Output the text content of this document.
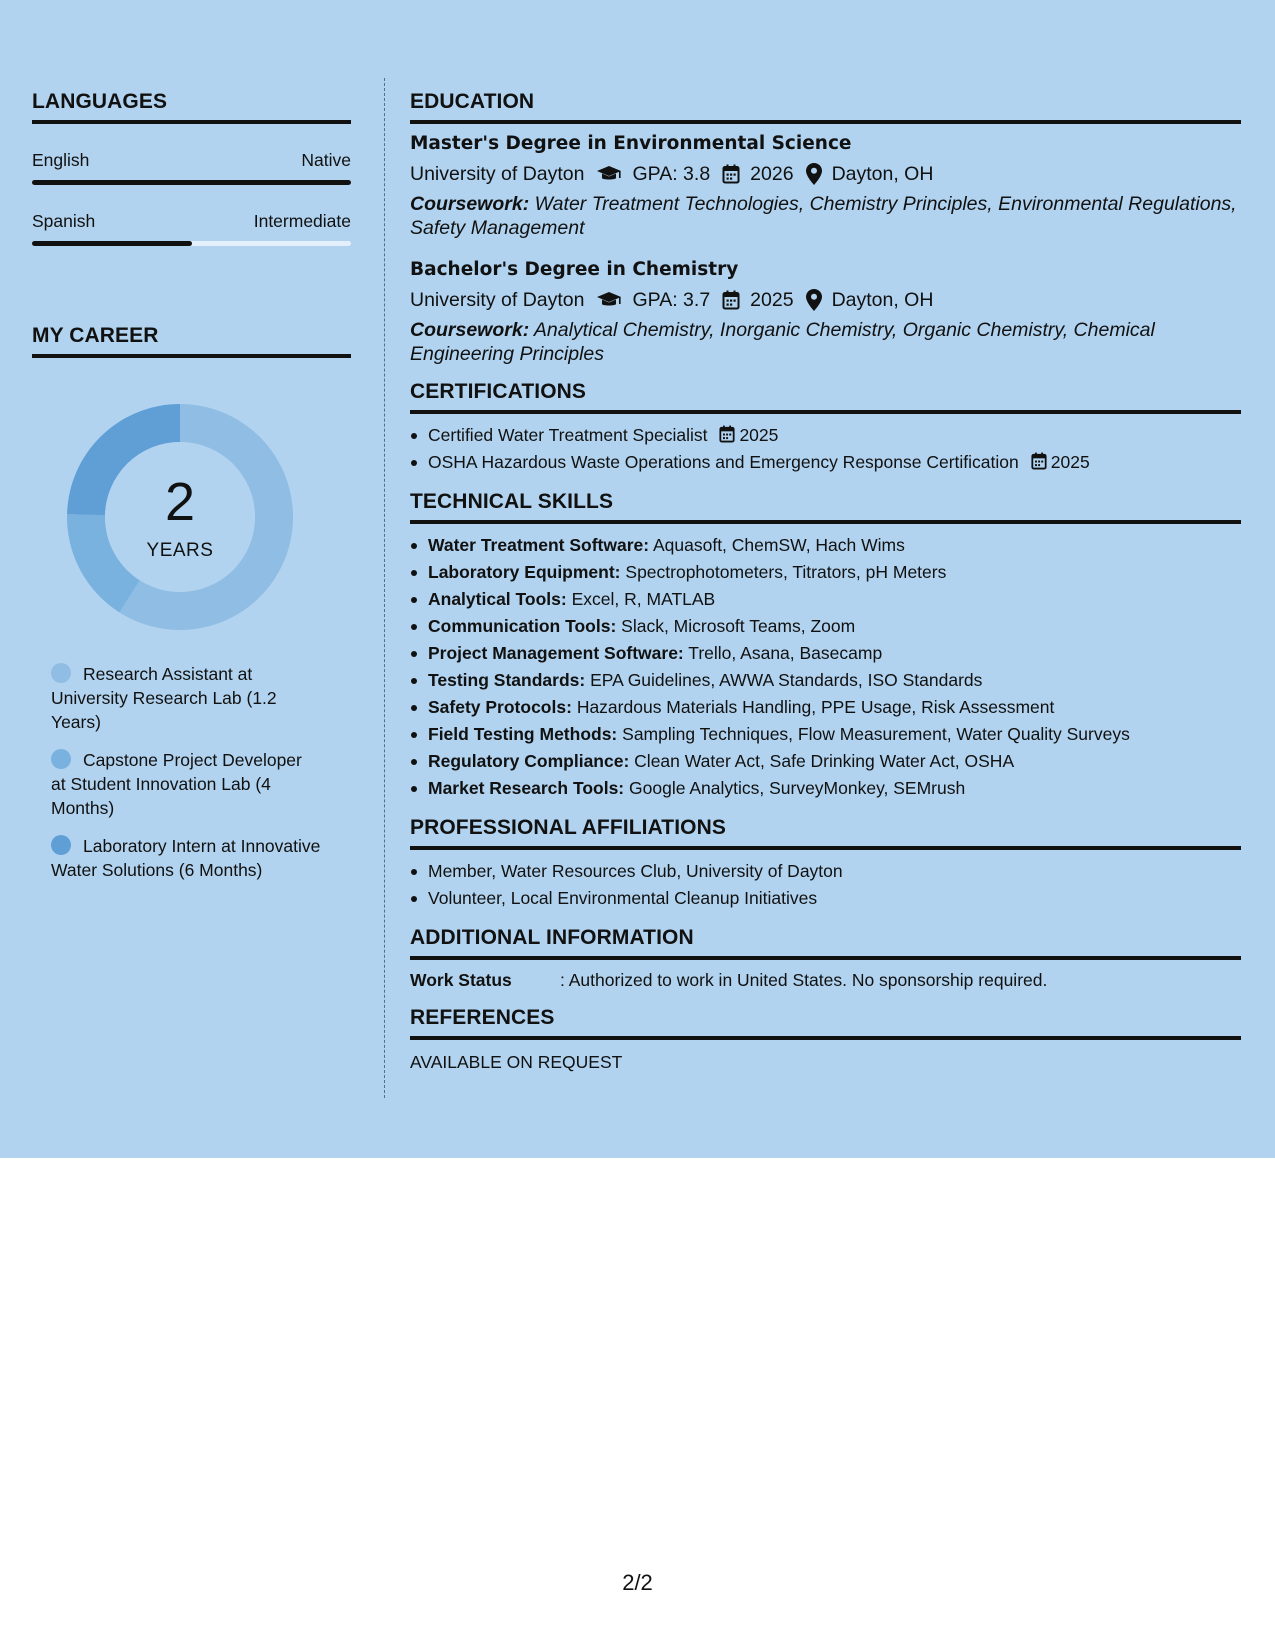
LANGUAGES
English	Native
Spanish	Intermediate
MY CAREER
2
YEARS
Research Assistant at University Research Lab (1.2 Years)
Capstone Project Developer at Student Innovation Lab (4 Months)
Laboratory Intern at Innovative Water Solutions (6 Months)
EDUCATION
Master's Degree in Environmental Science
University of Dayton GPA: 3.8 2026 Dayton, OH
Coursework: Water Treatment Technologies, Chemistry Principles, Environmental Regulations, Safety Management
Bachelor's Degree in Chemistry
University of Dayton GPA: 3.7 2025 Dayton, OH
Coursework: Analytical Chemistry, Inorganic Chemistry, Organic Chemistry, Chemical Engineering Principles
CERTIFICATIONS
Certified Water Treatment Specialist 2025
OSHA Hazardous Waste Operations and Emergency Response Certification 2025
TECHNICAL SKILLS
Water Treatment Software: Aquasoft, ChemSW, Hach Wims
Laboratory Equipment: Spectrophotometers, Titrators, pH Meters
Analytical Tools: Excel, R, MATLAB
Communication Tools: Slack, Microsoft Teams, Zoom
Project Management Software: Trello, Asana, Basecamp
Testing Standards: EPA Guidelines, AWWA Standards, ISO Standards
Safety Protocols: Hazardous Materials Handling, PPE Usage, Risk Assessment
Field Testing Methods: Sampling Techniques, Flow Measurement, Water Quality Surveys
Regulatory Compliance: Clean Water Act, Safe Drinking Water Act, OSHA
Market Research Tools: Google Analytics, SurveyMonkey, SEMrush
PROFESSIONAL AFFILIATIONS
Member, Water Resources Club, University of Dayton
Volunteer, Local Environmental Cleanup Initiatives
ADDITIONAL INFORMATION
Work Status	: Authorized to work in United States. No sponsorship required.
REFERENCES
AVAILABLE ON REQUEST
2/2
